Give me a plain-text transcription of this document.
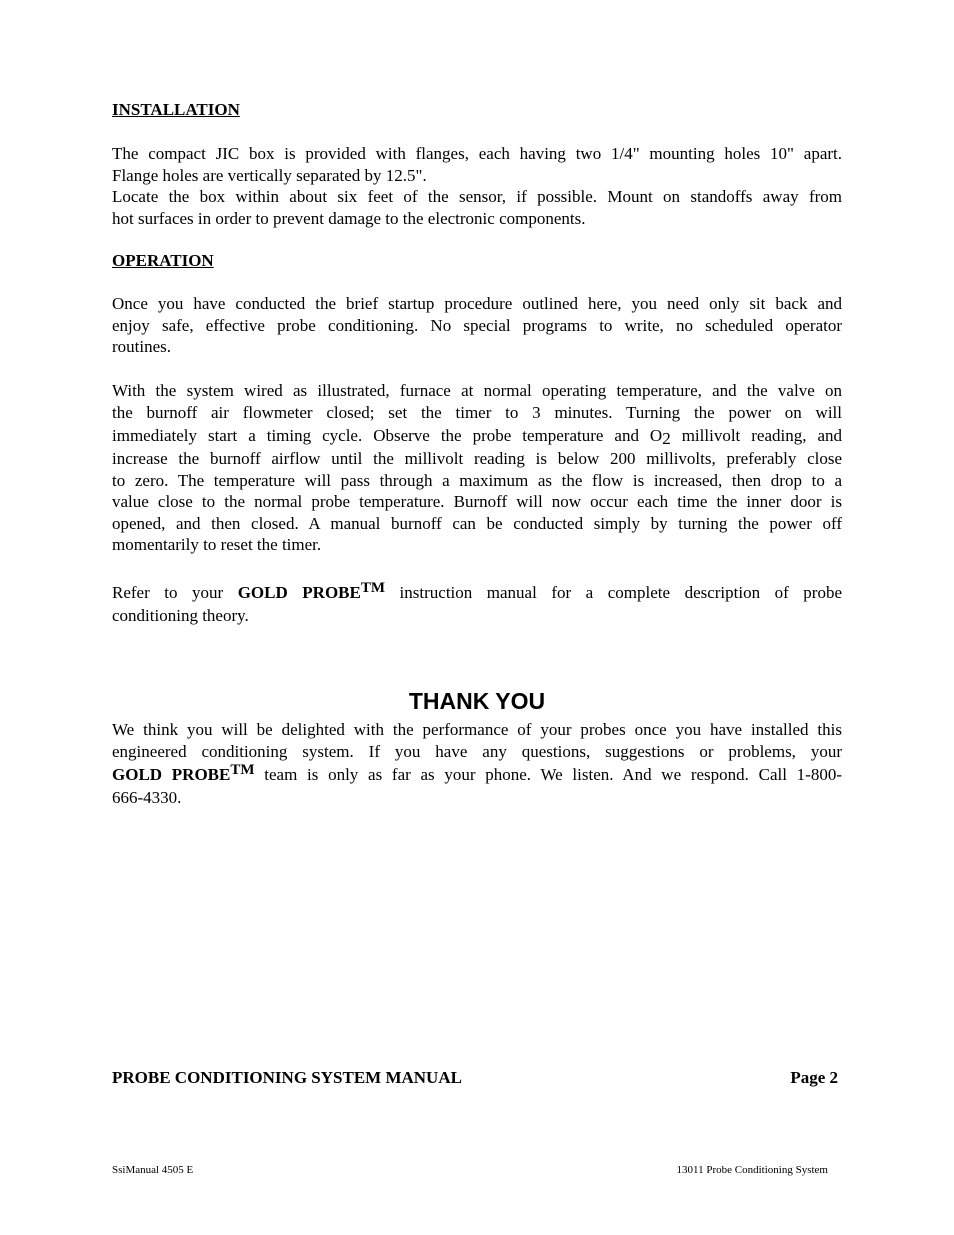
INSTALLATION
The compact JIC box is provided with flanges, each having two 1/4" mounting holes 10" apart.
Flange holes are vertically separated by 12.5".
Locate the box within about six feet of the sensor, if possible. Mount on standoffs away from
hot surfaces in order to prevent damage to the electronic components.
OPERATION
Once you have conducted the brief startup procedure outlined here, you need only sit back and
enjoy safe, effective probe conditioning. No special programs to write, no scheduled operator
routines.
With the system wired as illustrated, furnace at normal operating temperature, and the valve on
the burnoff air flowmeter closed; set the timer to 3 minutes. Turning the power on will
immediately start a timing cycle. Observe the probe temperature and O2 millivolt reading, and
increase the burnoff airflow until the millivolt reading is below 200 millivolts, preferably close
to zero. The temperature will pass through a maximum as the flow is increased, then drop to a
value close to the normal probe temperature. Burnoff will now occur each time the inner door is
opened, and then closed. A manual burnoff can be conducted simply by turning the power off
momentarily to reset the timer.
Refer to your GOLD PROBETM instruction manual for a complete description of probe
conditioning theory.
THANK YOU
We think you will be delighted with the performance of your probes once you have installed this
engineered conditioning system. If you have any questions, suggestions or problems, your
GOLD PROBETM team is only as far as your phone. We listen. And we respond. Call 1-800-
666-4330.
PROBE CONDITIONING SYSTEM MANUAL	Page 2
SsiManual 4505 E	13011 Probe Conditioning System
